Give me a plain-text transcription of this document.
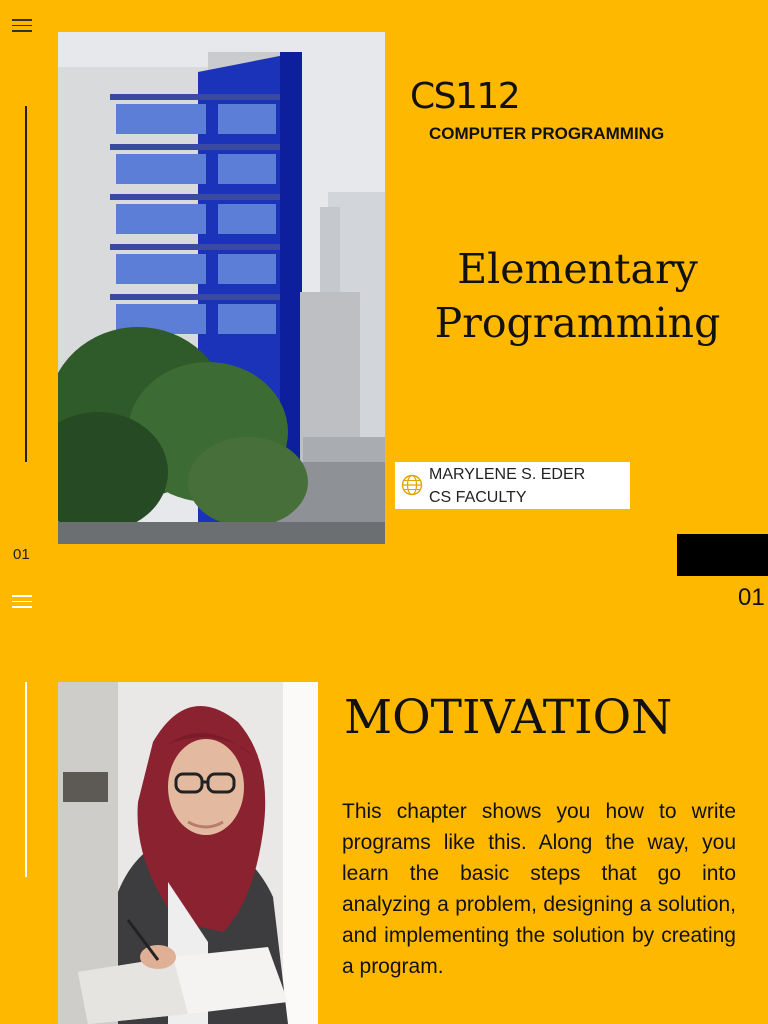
CS112
COMPUTER PROGRAMMING
Elementary
Programming
MARYLENE S. EDER
CS FACULTY
01
01
MOTIVATION
This chapter shows you how to write programs like this. Along the way, you learn the basic steps that go into analyzing a problem, designing a solution, and implementing the solution by creating a program.
